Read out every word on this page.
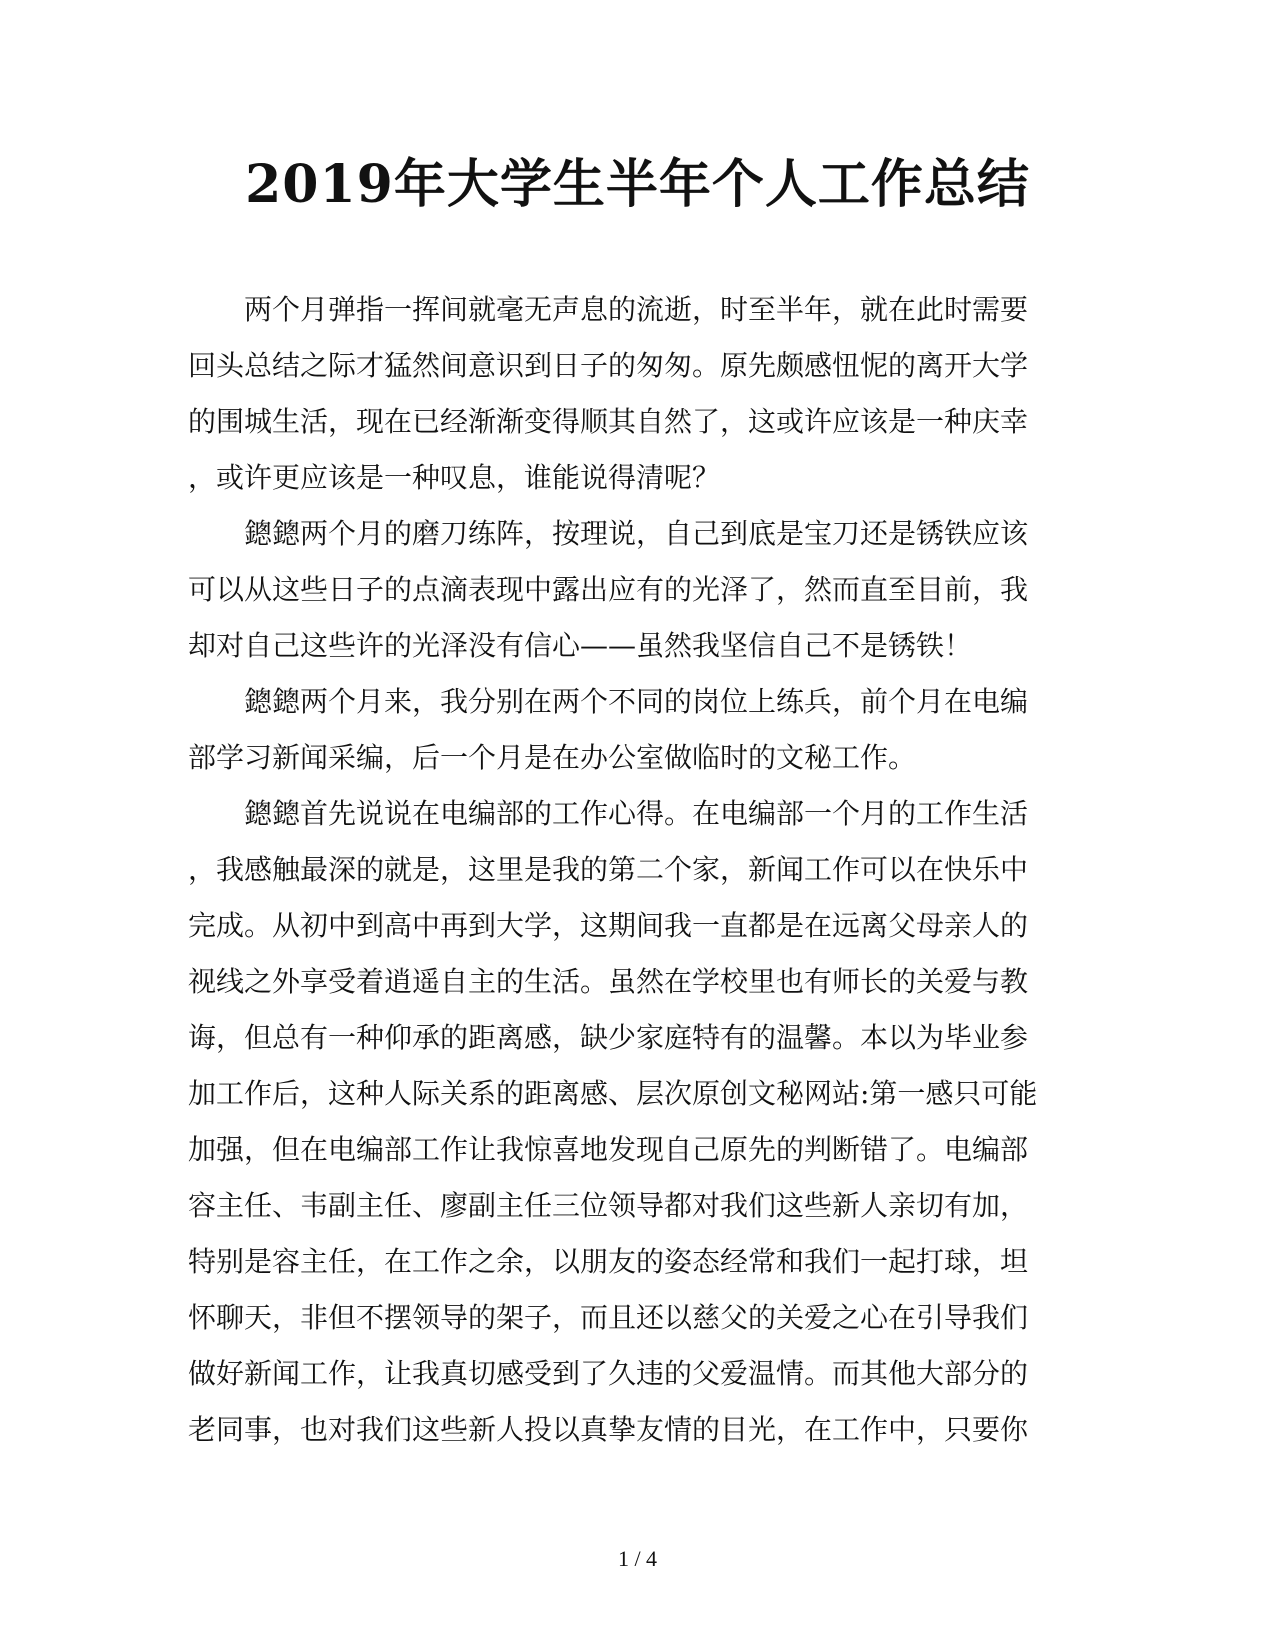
2019年大学生半年个人工作总结

两个月弹指一挥间就毫无声息的流逝，时至半年，就在此时需要
回头总结之际才猛然间意识到日子的匆匆。原先颇感忸怩的离开大学
的围城生活，现在已经渐渐变得顺其自然了，这或许应该是一种庆幸
，或许更应该是一种叹息，谁能说得清呢？

鏓鏓两个月的磨刀练阵，按理说，自己到底是宝刀还是锈铁应该
可以从这些日子的点滴表现中露出应有的光泽了，然而直至目前，我
却对自己这些许的光泽没有信心——虽然我坚信自己不是锈铁！

鏓鏓两个月来，我分别在两个不同的岗位上练兵，前个月在电编
部学习新闻采编，后一个月是在办公室做临时的文秘工作。

鏓鏓首先说说在电编部的工作心得。在电编部一个月的工作生活
，我感触最深的就是，这里是我的第二个家，新闻工作可以在快乐中
完成。从初中到高中再到大学，这期间我一直都是在远离父母亲人的
视线之外享受着逍遥自主的生活。虽然在学校里也有师长的关爱与教
诲，但总有一种仰承的距离感，缺少家庭特有的温馨。本以为毕业参
加工作后，这种人际关系的距离感、层次原创文秘网站:第一感只可能
加强，但在电编部工作让我惊喜地发现自己原先的判断错了。电编部
容主任、韦副主任、廖副主任三位领导都对我们这些新人亲切有加，
特别是容主任，在工作之余，以朋友的姿态经常和我们一起打球，坦
怀聊天，非但不摆领导的架子，而且还以慈父的关爱之心在引导我们
做好新闻工作，让我真切感受到了久违的父爱温情。而其他大部分的
老同事，也对我们这些新人投以真挚友情的目光，在工作中，只要你

1 / 4
